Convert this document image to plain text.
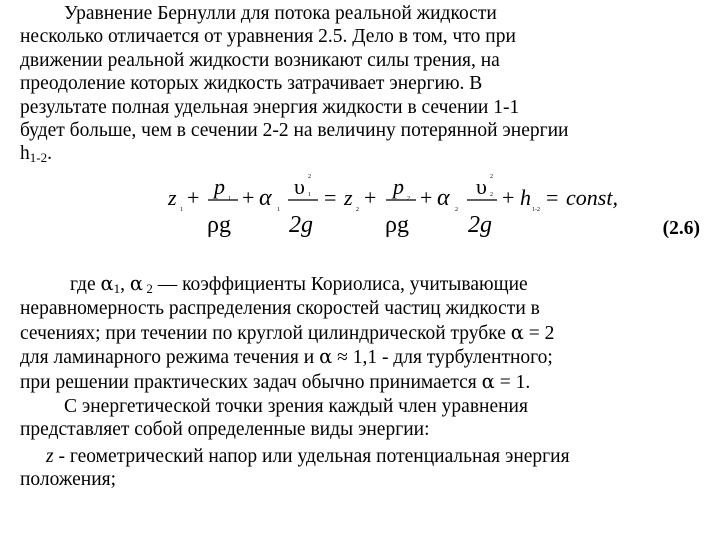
Уравнение Бернулли для потока реальной жидкости
несколько отличается от уравнения 2.5. Дело в том, что при
движении реальной жидкости возникают силы трения, на
преодоление которых жидкость затрачивает энергию. В
результате полная удельная энергия жидкости в сечении 1-1
будет больше, чем в сечении 2-2 на величину потерянной энергии
$h_{1-2}$.
z 1 + p 1
ρg
+ α 1
υ 2
1
2g
= z 2 + p 2
ρg
+ α 2
υ 2
2
2g
+ h 1-2 = const,
(2.6)
где $\alpha_1$, α $_2$ — коэффициенты Кориолиса, учитывающие
неравномерность распределения скоростей частиц жидкости в
сечениях; при течении по круглой цилиндрической трубке α = 2
для ламинарного режима течения и α ≈ 1,1 - для турбулентного;
при решении практических задач обычно принимается α = 1.
С энергетической точки зрения каждый член уравнения
представляет собой определенные виды энергии:
z - геометрический напор или удельная потенциальная энергия
положения;
